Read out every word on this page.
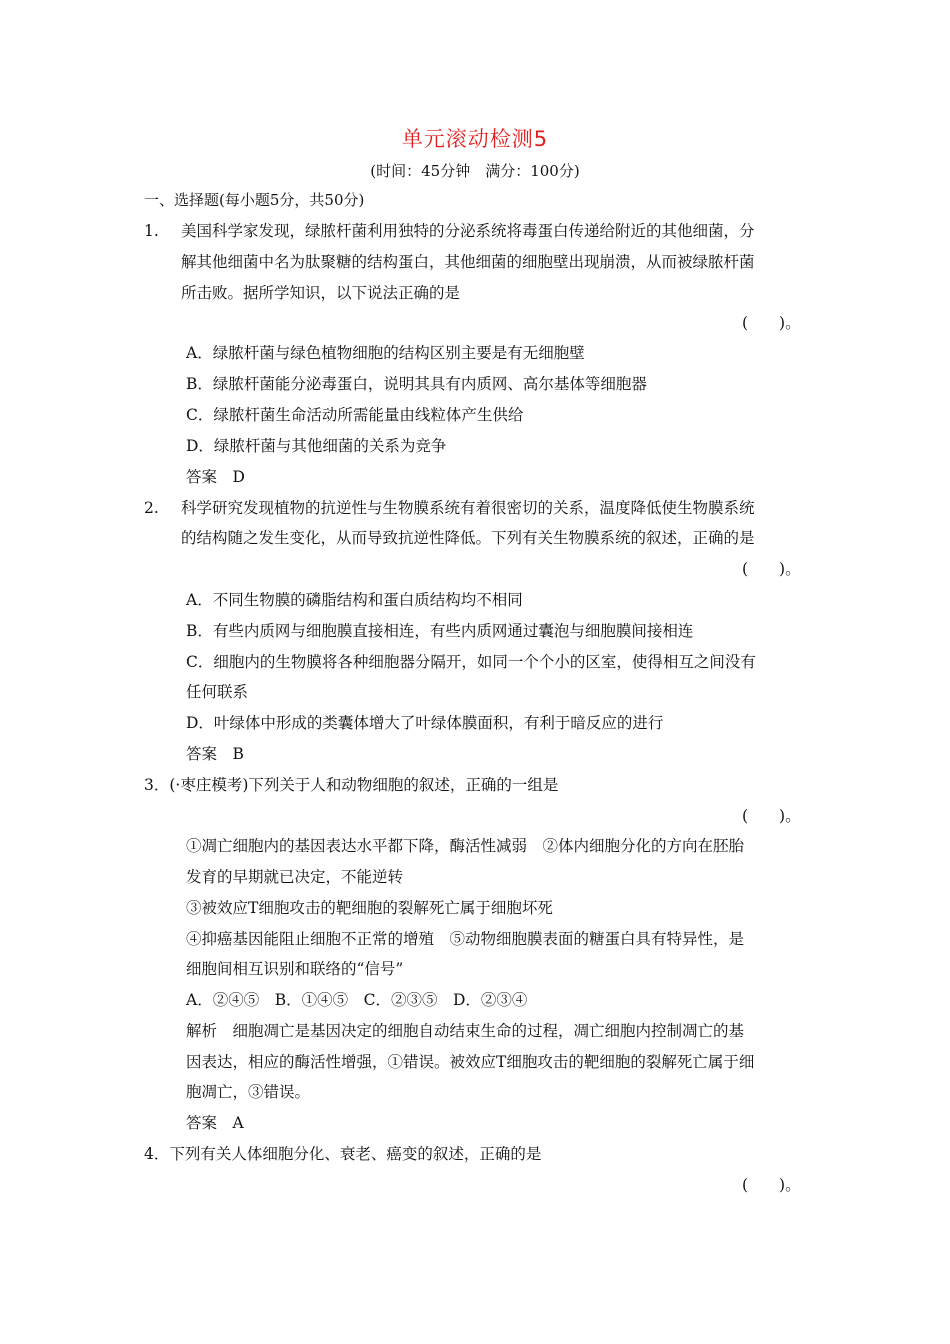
单元滚动检测5
(时间：45分钟　满分：100分)
一、选择题(每小题5分，共50分)
1. 美国科学家发现，绿脓杆菌利用独特的分泌系统将毒蛋白传递给附近的其他细菌，分
解其他细菌中名为肽聚糖的结构蛋白，其他细菌的细胞壁出现崩溃，从而被绿脓杆菌
所击败。据所学知识，以下说法正确的是
(　　)。
A．绿脓杆菌与绿色植物细胞的结构区别主要是有无细胞壁
B．绿脓杆菌能分泌毒蛋白，说明其具有内质网、高尔基体等细胞器
C．绿脓杆菌生命活动所需能量由线粒体产生供给
D．绿脓杆菌与其他细菌的关系为竞争
答案　D
2. 科学研究发现植物的抗逆性与生物膜系统有着很密切的关系，温度降低使生物膜系统
的结构随之发生变化，从而导致抗逆性降低。下列有关生物膜系统的叙述，正确的是
(　　)。
A．不同生物膜的磷脂结构和蛋白质结构均不相同
B．有些内质网与细胞膜直接相连，有些内质网通过囊泡与细胞膜间接相连
C．细胞内的生物膜将各种细胞器分隔开，如同一个个小的区室，使得相互之间没有
任何联系
D．叶绿体中形成的类囊体增大了叶绿体膜面积，有利于暗反应的进行
答案　B
3．(·枣庄模考)下列关于人和动物细胞的叙述，正确的一组是
(　　)。
①凋亡细胞内的基因表达水平都下降，酶活性减弱　②体内细胞分化的方向在胚胎
发育的早期就已决定，不能逆转
③被效应T细胞攻击的靶细胞的裂解死亡属于细胞坏死
④抑癌基因能阻止细胞不正常的增殖　⑤动物细胞膜表面的糖蛋白具有特异性，是
细胞间相互识别和联络的“信号”
A．②④⑤　B．①④⑤　C．②③⑤　D．②③④
解析　细胞凋亡是基因决定的细胞自动结束生命的过程，凋亡细胞内控制凋亡的基
因表达，相应的酶活性增强，①错误。被效应T细胞攻击的靶细胞的裂解死亡属于细
胞凋亡，③错误。
答案　A
4．下列有关人体细胞分化、衰老、癌变的叙述，正确的是
(　　)。
